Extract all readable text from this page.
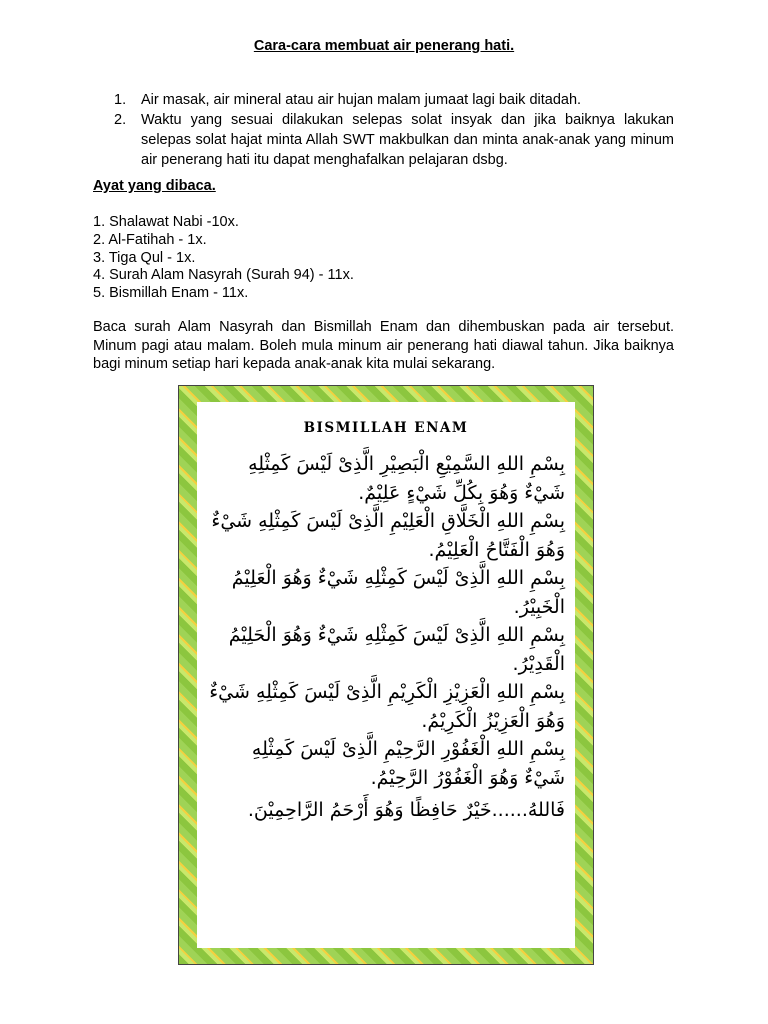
Cara-cara membuat air penerang hati.
1.	Air masak, air mineral atau air hujan malam jumaat lagi baik ditadah.
2.	Waktu yang sesuai dilakukan selepas solat insyak dan jika baiknya lakukan selepas solat hajat minta Allah SWT makbulkan dan minta anak-anak yang minum air penerang hati itu dapat menghafalkan pelajaran dsbg.
Ayat yang dibaca.
1. Shalawat Nabi -10x.
2. Al-Fatihah - 1x.
3. Tiga Qul - 1x.
4. Surah Alam Nasyrah (Surah 94) - 11x.
5. Bismillah Enam - 11x.

Baca surah Alam Nasyrah dan Bismillah Enam dan dihembuskan pada air tersebut. Minum pagi atau malam. Boleh mula minum air penerang hati diawal tahun. Jika baiknya bagi minum setiap hari kepada anak-anak kita mulai sekarang.

BISMILLAH ENAM
بِسْمِ اللهِ السَّمِيْعِ الْبَصِيْرِ الَّذِىْ لَيْسَ كَمِثْلِهِ شَيْءٌ وَهُوَ بِكُلِّ شَيْءٍ عَلِيْمٌ.
بِسْمِ اللهِ الْخَلَّاقِ الْعَلِيْمِ الَّذِىْ لَيْسَ كَمِثْلِهِ شَيْءٌ وَهُوَ الْفَتَّاحُ الْعَلِيْمُ.
بِسْمِ اللهِ الَّذِىْ لَيْسَ كَمِثْلِهِ شَيْءٌ وَهُوَ الْعَلِيْمُ الْخَبِيْرُ.
بِسْمِ اللهِ الَّذِىْ لَيْسَ كَمِثْلِهِ شَيْءٌ وَهُوَ الْحَلِيْمُ الْقَدِيْرُ.
بِسْمِ اللهِ الْعَزِيْزِ الْكَرِيْمِ الَّذِىْ لَيْسَ كَمِثْلِهِ شَيْءٌ وَهُوَ الْعَزِيْزُ الْكَرِيْمُ.
بِسْمِ اللهِ الْغَفُوْرِ الرَّحِيْمِ الَّذِىْ لَيْسَ كَمِثْلِهِ شَيْءٌ وَهُوَ الْغَفُوْرُ الرَّحِيْمُ.
فَاللهُ......خَيْرٌ حَافِظًا وَهُوَ أَرْحَمُ الرَّاحِمِيْنَ.
